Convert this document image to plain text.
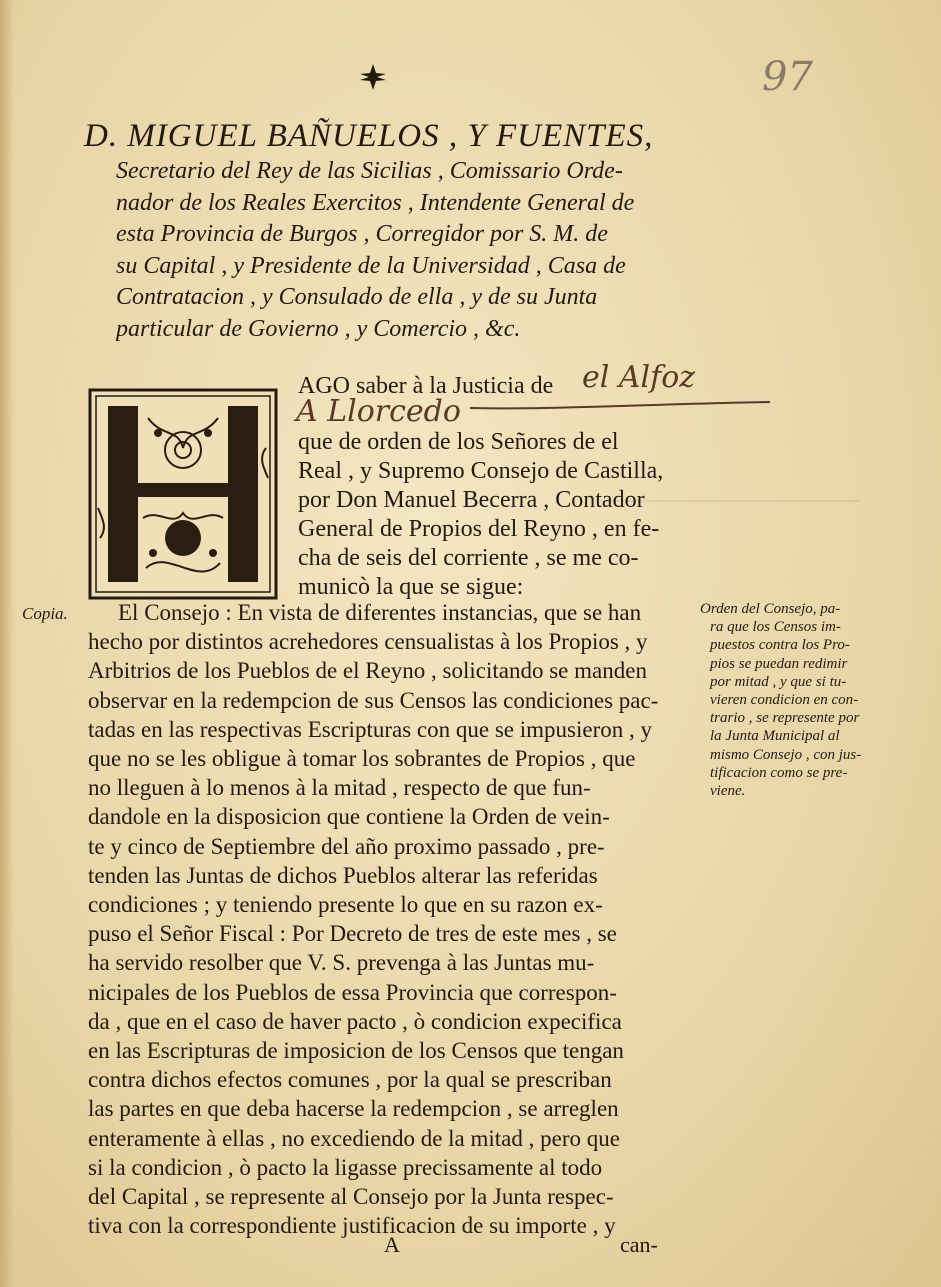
97
D. MIGUEL BAÑUELOS , Y FUENTES,
Secretario del Rey de las Sicilias , Comissario Orde-
nador de los Reales Exercitos , Intendente General de
esta Provincia de Burgos , Corregidor por S. M. de
su Capital , y Presidente de la Universidad , Casa de
Contratacion , y Consulado de ella , y de su Junta
particular de Govierno , y Comercio , &c.
AGO saber à la Justicia de el Alfoz
A Llorcedo
que de orden de los Señores de el
Real , y Supremo Consejo de Castilla,
por Don Manuel Becerra , Contador
General de Propios del Reyno , en fe-
cha de seis del corriente , se me co-
municò la que se sigue:
Copia.	El Consejo : En vista de diferentes instancias, que se han
hecho por distintos acrehedores censualistas à los Propios , y
Arbitrios de los Pueblos de el Reyno , solicitando se manden
observar en la redempcion de sus Censos las condiciones pac-
tadas en las respectivas Escripturas con que se impusieron , y
que no se les obligue à tomar los sobrantes de Propios , que
no lleguen à lo menos à la mitad , respecto de que fun-
dandole en la disposicion que contiene la Orden de vein-
te y cinco de Septiembre del año proximo passado , pre-
tenden las Juntas de dichos Pueblos alterar las referidas
condiciones ; y teniendo presente lo que en su razon ex-
puso el Señor Fiscal : Por Decreto de tres de este mes , se
ha servido resolber que V. S. prevenga à las Juntas mu-
nicipales de los Pueblos de essa Provincia que correspon-
da , que en el caso de haver pacto , ò condicion expecifica
en las Escripturas de imposicion de los Censos que tengan
contra dichos efectos comunes , por la qual se prescriban
las partes en que deba hacerse la redempcion , se arreglen
enteramente à ellas , no excediendo de la mitad , pero que
si la condicion , ò pacto la ligasse precissamente al todo
del Capital , se represente al Consejo por la Junta respec-
tiva con la correspondiente justificacion de su importe , y
Orden del Consejo, pa-
ra que los Censos im-
puestos contra los Pro-
pios se puedan redimir
por mitad , y que si tu-
vieren condicion en con-
trario , se represente por
la Junta Municipal al
mismo Consejo , con jus-
tificacion como se pre-
viene.
A	can-
